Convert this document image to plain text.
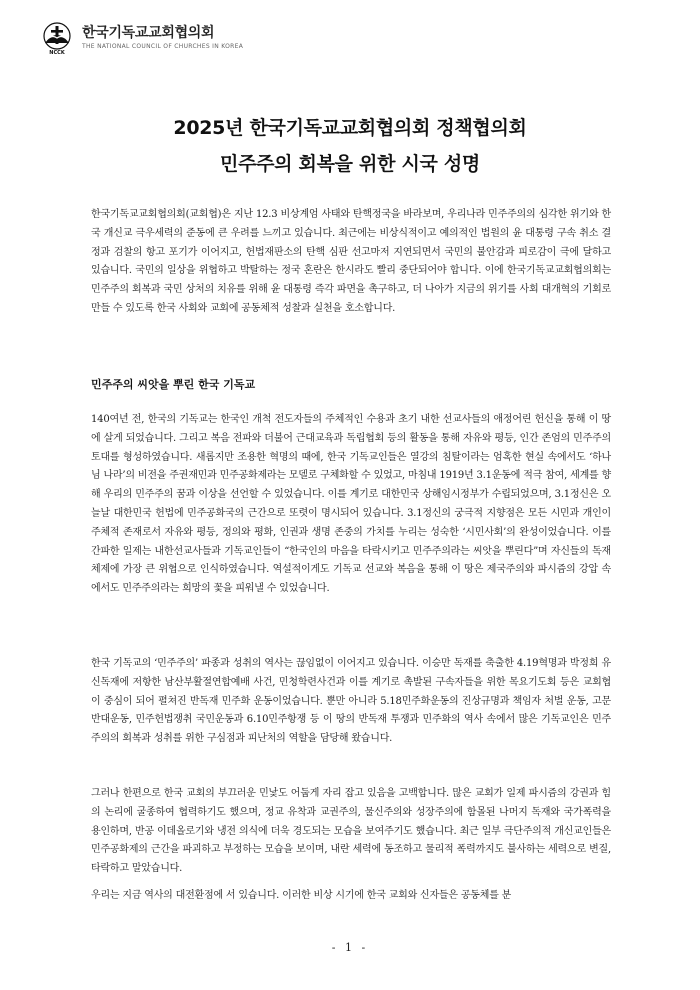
NCCK
한국기독교교회협의회
THE NATIONAL COUNCIL OF CHURCHES IN KOREA
2025년 한국기독교교회협의회 정책협의회
민주주의 회복을 위한 시국 성명

한국기독교교회협의회(교회협)은 지난 12.3 비상계엄 사태와 탄핵정국을 바라보며, 우리나라 민주주의의 심각한 위기와 한국 개신교 극우세력의 준동에 큰 우려를 느끼고 있습니다. 최근에는 비상식적이고 예의적인 법원의 윤 대통령 구속 취소 결정과 검찰의 항고 포기가 이어지고, 헌법재판소의 탄핵 심판 선고마저 지연되면서 국민의 불안감과 피로감이 극에 달하고 있습니다. 국민의 일상을 위협하고 박탈하는 정국 혼란은 한시라도 빨리 중단되어야 합니다. 이에 한국기독교교회협의회는 민주주의 회복과 국민 상처의 치유를 위해 윤 대통령 즉각 파면을 촉구하고, 더 나아가 지금의 위기를 사회 대개혁의 기회로 만들 수 있도록 한국 사회와 교회에 공동체적 성찰과 실천을 호소합니다.

민주주의 씨앗을 뿌린 한국 기독교

140여년 전, 한국의 기독교는 한국인 개척 전도자들의 주체적인 수용과 초기 내한 선교사들의 애정어린 헌신을 통해 이 땅에 살게 되었습니다. 그리고 복음 전파와 더불어 근대교육과 독립협회 등의 활동을 통해 자유와 평등, 인간 존엄의 민주주의 토대를 형성하였습니다. 새롭지만 조용한 혁명의 때에, 한국 기독교인들은 열강의 침탈이라는 엄혹한 현실 속에서도 ‘하나님 나라’의 비전을 주권재민과 민주공화제라는 모델로 구체화할 수 있었고, 마침내 1919년 3.1운동에 적극 참여, 세계를 향해 우리의 민주주의 꿈과 이상을 선언할 수 있었습니다. 이를 계기로 대한민국 상해임시정부가 수립되었으며, 3.1정신은 오늘날 대한민국 헌법에 민주공화국의 근간으로 또렷이 명시되어 있습니다. 3.1정신의 궁극적 지향점은 모든 시민과 개인이 주체적 존재로서 자유와 평등, 정의와 평화, 인권과 생명 존중의 가치를 누리는 성숙한 ‘시민사회’의 완성이었습니다. 이를 간파한 일제는 내한선교사들과 기독교인들이 “한국인의 마음을 타락시키고 민주주의라는 씨앗을 뿌린다”며 자신들의 독재체제에 가장 큰 위협으로 인식하였습니다. 역설적이게도 기독교 선교와 복음을 통해 이 땅은 제국주의와 파시즘의 강압 속에서도 민주주의라는 희망의 꽃을 피워낼 수 있었습니다.

한국 기독교의 ‘민주주의’ 파종과 성취의 역사는 끊임없이 이어지고 있습니다. 이승만 독재를 축출한 4.19혁명과 박정희 유신독재에 저항한 남산부활절연합예배 사건, 민청학련사건과 이를 계기로 촉발된 구속자들을 위한 목요기도회 등은 교회협이 중심이 되어 펼쳐진 반독재 민주화 운동이었습니다. 뿐만 아니라 5.18민주화운동의 진상규명과 책임자 처벌 운동, 고문반대운동, 민주헌법쟁취 국민운동과 6.10민주항쟁 등 이 땅의 반독재 투쟁과 민주화의 역사 속에서 많은 기독교인은 민주주의의 회복과 성취를 위한 구심점과 피난처의 역할을 담당해 왔습니다.

그러나 한편으로 한국 교회의 부끄러운 민낯도 어둡게 자리 잡고 있음을 고백합니다. 많은 교회가 일제 파시즘의 강권과 힘의 논리에 굴종하여 협력하기도 했으며, 정교 유착과 교권주의, 물신주의와 성장주의에 함몰된 나머지 독재와 국가폭력을 용인하며, 반공 이데올로기와 냉전 의식에 더욱 경도되는 모습을 보여주기도 했습니다. 최근 일부 극단주의적 개신교인들은 민주공화제의 근간을 파괴하고 부정하는 모습을 보이며, 내란 세력에 동조하고 물리적 폭력까지도 불사하는 세력으로 변질, 타락하고 말았습니다.

우리는 지금 역사의 대전환점에 서 있습니다. 이러한 비상 시기에 한국 교회와 신자들은 공동체를 분

- 1 -
